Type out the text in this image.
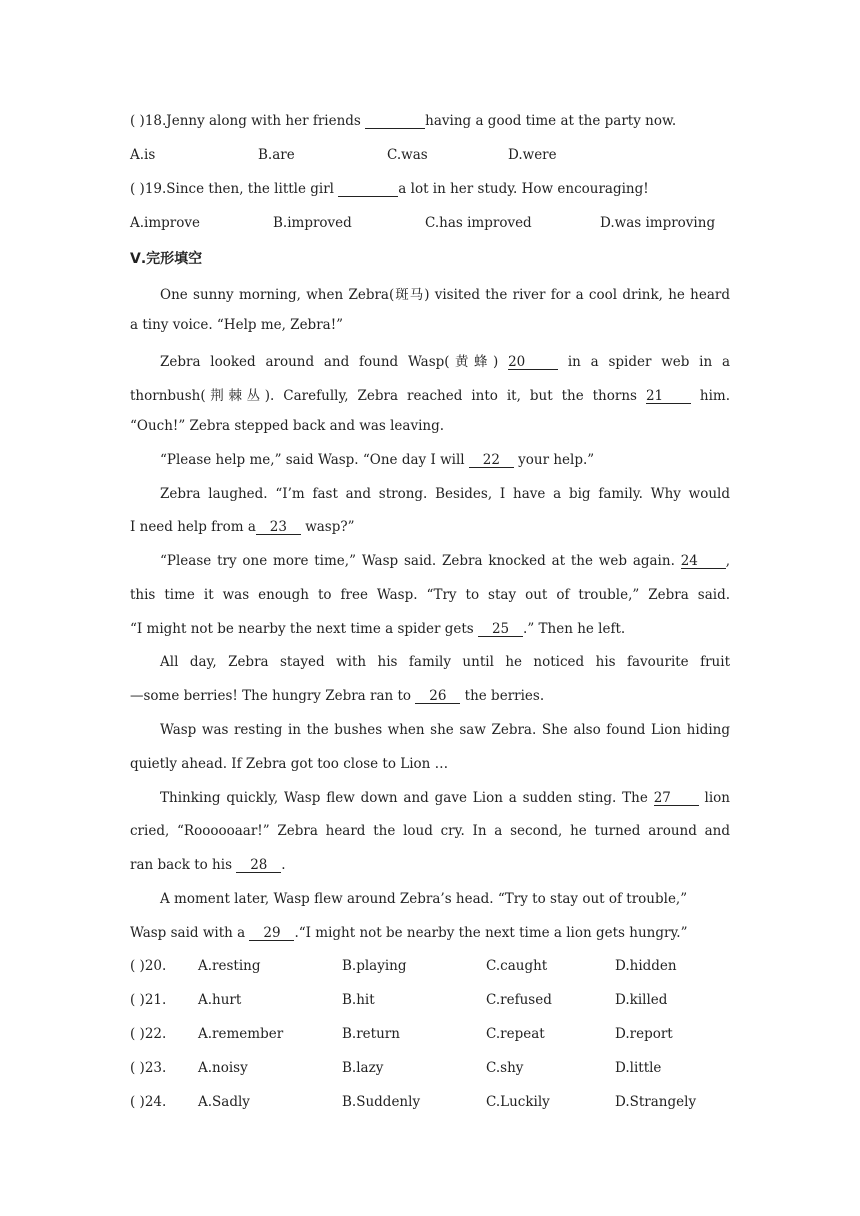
( )18.Jenny along with her friends	having a good time at the party now.
A.is	B.are	C.was	D.were
( )19.Since then, the little girl	a lot in her study. How encouraging!
A.improve	B.improved	C.has improved	D.was improving
Ⅴ.完形填空
One sunny morning, when Zebra(斑马) visited the river for a cool drink, he heard
a tiny voice. “Help me, Zebra!”
Zebra looked around and found Wasp(黄蜂) 20	in a spider web in a
thornbush(荆棘丛). Carefully, Zebra reached into it, but the thorns 21	him.
“Ouch!” Zebra stepped back and was leaving.
“Please help me,” said Wasp. “One day I will 22 your help.”
Zebra laughed. “I’m fast and strong. Besides, I have a big family. Why would
I need help from a 23 wasp?”
“Please try one more time,” Wasp said. Zebra knocked at the web again. 24 ,
this time it was enough to free Wasp. “Try to stay out of trouble,” Zebra said.
“I might not be nearby the next time a spider gets 25 .” Then he left.
All day, Zebra stayed with his family until he noticed his favourite fruit
—some berries! The hungry Zebra ran to 26 the berries.
Wasp was resting in the bushes when she saw Zebra. She also found Lion hiding
quietly ahead. If Zebra got too close to Lion …
Thinking quickly, Wasp flew down and gave Lion a sudden sting. The 27 lion
cried, “Roooooaar!” Zebra heard the loud cry. In a second, he turned around and
ran back to his 28 .
A moment later, Wasp flew around Zebra’s head. “Try to stay out of trouble,”
Wasp said with a 29 .“I might not be nearby the next time a lion gets hungry.”
( )20. A.resting	B.playing	C.caught	D.hidden
( )21. A.hurt	B.hit	C.refused	D.killed
( )22. A.remember	B.return	C.repeat	D.report
( )23. A.noisy	B.lazy	C.shy	D.little
( )24. A.Sadly	B.Suddenly	C.Luckily	D.Strangely
